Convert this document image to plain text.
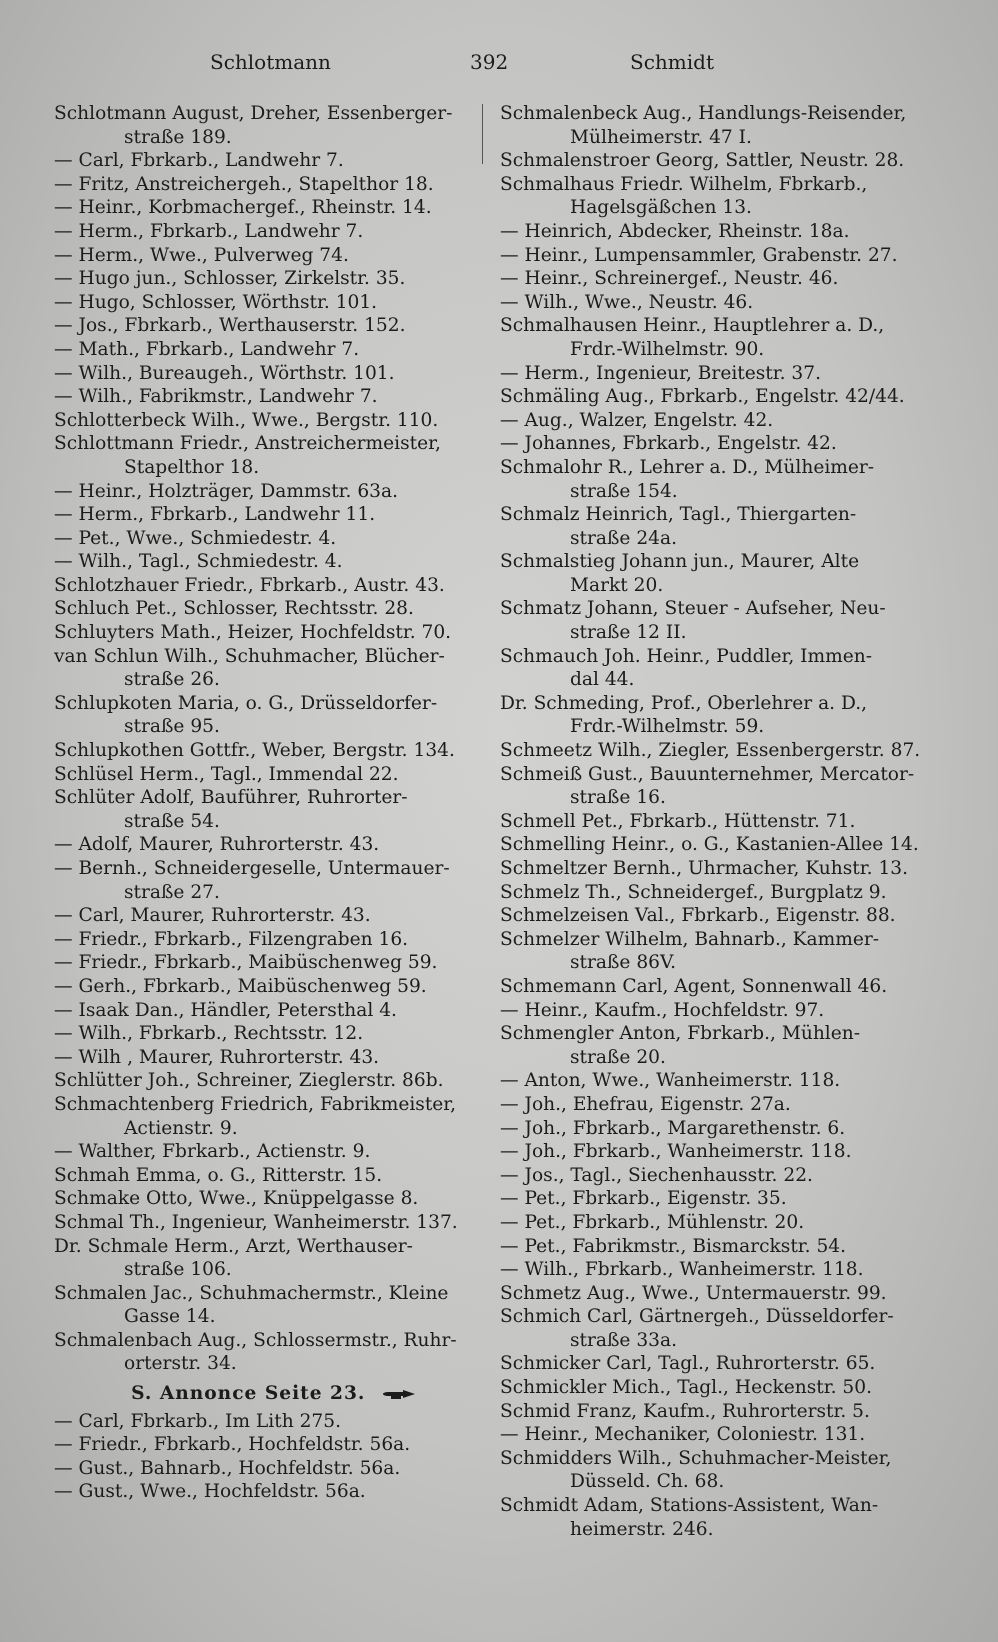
Schlotmann	392	Schmidt
Schlotmann August, Dreher, Essenberger-
straße 189.
— Carl, Fbrkarb., Landwehr 7.
— Fritz, Anstreichergeh., Stapelthor 18.
— Heinr., Korbmachergef., Rheinstr. 14.
— Herm., Fbrkarb., Landwehr 7.
— Herm., Wwe., Pulverweg 74.
— Hugo jun., Schlosser, Zirkelstr. 35.
— Hugo, Schlosser, Wörthstr. 101.
— Jos., Fbrkarb., Werthauserstr. 152.
— Math., Fbrkarb., Landwehr 7.
— Wilh., Bureaugeh., Wörthstr. 101.
— Wilh., Fabrikmstr., Landwehr 7.
Schlotterbeck Wilh., Wwe., Bergstr. 110.
Schlottmann Friedr., Anstreichermeister,
Stapelthor 18.
— Heinr., Holzträger, Dammstr. 63a.
— Herm., Fbrkarb., Landwehr 11.
— Pet., Wwe., Schmiedestr. 4.
— Wilh., Tagl., Schmiedestr. 4.
Schlotzhauer Friedr., Fbrkarb., Austr. 43.
Schluch Pet., Schlosser, Rechtsstr. 28.
Schluyters Math., Heizer, Hochfeldstr. 70.
van Schlun Wilh., Schuhmacher, Blücher-
straße 26.
Schlupkoten Maria, o. G., Drüsseldorfer-
straße 95.
Schlupkothen Gottfr., Weber, Bergstr. 134.
Schlüsel Herm., Tagl., Immendal 22.
Schlüter Adolf, Bauführer, Ruhrorter-
straße 54.
— Adolf, Maurer, Ruhrorterstr. 43.
— Bernh., Schneidergeselle, Untermauer-
straße 27.
— Carl, Maurer, Ruhrorterstr. 43.
— Friedr., Fbrkarb., Filzengraben 16.
— Friedr., Fbrkarb., Maibüschenweg 59.
— Gerh., Fbrkarb., Maibüschenweg 59.
— Isaak Dan., Händler, Petersthal 4.
— Wilh., Fbrkarb., Rechtsstr. 12.
— Wilh , Maurer, Ruhrorterstr. 43.
Schlütter Joh., Schreiner, Zieglerstr. 86b.
Schmachtenberg Friedrich, Fabrikmeister,
Actienstr. 9.
— Walther, Fbrkarb., Actienstr. 9.
Schmah Emma, o. G., Ritterstr. 15.
Schmake Otto, Wwe., Knüppelgasse 8.
Schmal Th., Ingenieur, Wanheimerstr. 137.
Dr. Schmale Herm., Arzt, Werthauser-
straße 106.
Schmalen Jac., Schuhmachermstr., Kleine
Gasse 14.
Schmalenbach Aug., Schlossermstr., Ruhr-
orterstr. 34.
S. Annonce Seite 23.
— Carl, Fbrkarb., Im Lith 275.
— Friedr., Fbrkarb., Hochfeldstr. 56a.
— Gust., Bahnarb., Hochfeldstr. 56a.
— Gust., Wwe., Hochfeldstr. 56a.
Schmalenbeck Aug., Handlungs-Reisender,
Mülheimerstr. 47 I.
Schmalenstroer Georg, Sattler, Neustr. 28.
Schmalhaus Friedr. Wilhelm, Fbrkarb.,
Hagelsgäßchen 13.
— Heinrich, Abdecker, Rheinstr. 18a.
— Heinr., Lumpensammler, Grabenstr. 27.
— Heinr., Schreinergef., Neustr. 46.
— Wilh., Wwe., Neustr. 46.
Schmalhausen Heinr., Hauptlehrer a. D.,
Frdr.-Wilhelmstr. 90.
— Herm., Ingenieur, Breitestr. 37.
Schmäling Aug., Fbrkarb., Engelstr. 42/44.
— Aug., Walzer, Engelstr. 42.
— Johannes, Fbrkarb., Engelstr. 42.
Schmalohr R., Lehrer a. D., Mülheimer-
straße 154.
Schmalz Heinrich, Tagl., Thiergarten-
straße 24a.
Schmalstieg Johann jun., Maurer, Alte
Markt 20.
Schmatz Johann, Steuer - Aufseher, Neu-
straße 12 II.
Schmauch Joh. Heinr., Puddler, Immen-
dal 44.
Dr. Schmeding, Prof., Oberlehrer a. D.,
Frdr.-Wilhelmstr. 59.
Schmeetz Wilh., Ziegler, Essenbergerstr. 87.
Schmeiß Gust., Bauunternehmer, Mercator-
straße 16.
Schmell Pet., Fbrkarb., Hüttenstr. 71.
Schmelling Heinr., o. G., Kastanien-Allee 14.
Schmeltzer Bernh., Uhrmacher, Kuhstr. 13.
Schmelz Th., Schneidergef., Burgplatz 9.
Schmelzeisen Val., Fbrkarb., Eigenstr. 88.
Schmelzer Wilhelm, Bahnarb., Kammer-
straße 86V.
Schmemann Carl, Agent, Sonnenwall 46.
— Heinr., Kaufm., Hochfeldstr. 97.
Schmengler Anton, Fbrkarb., Mühlen-
straße 20.
— Anton, Wwe., Wanheimerstr. 118.
— Joh., Ehefrau, Eigenstr. 27a.
— Joh., Fbrkarb., Margarethenstr. 6.
— Joh., Fbrkarb., Wanheimerstr. 118.
— Jos., Tagl., Siechenhausstr. 22.
— Pet., Fbrkarb., Eigenstr. 35.
— Pet., Fbrkarb., Mühlenstr. 20.
— Pet., Fabrikmstr., Bismarckstr. 54.
— Wilh., Fbrkarb., Wanheimerstr. 118.
Schmetz Aug., Wwe., Untermauerstr. 99.
Schmich Carl, Gärtnergeh., Düsseldorfer-
straße 33a.
Schmicker Carl, Tagl., Ruhrorterstr. 65.
Schmickler Mich., Tagl., Heckenstr. 50.
Schmid Franz, Kaufm., Ruhrorterstr. 5.
— Heinr., Mechaniker, Coloniestr. 131.
Schmidders Wilh., Schuhmacher-Meister,
Düsseld. Ch. 68.
Schmidt Adam, Stations-Assistent, Wan-
heimerstr. 246.
